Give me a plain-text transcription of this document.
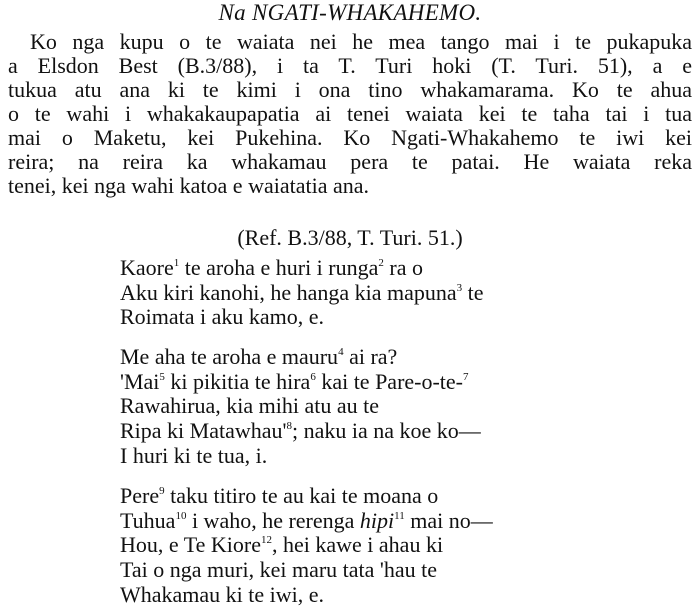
Na NGATI-WHAKAHEMO.
Ko nga kupu o te waiata nei he mea tango mai i te pukapuka
a Elsdon Best (B.3/88), i ta T. Turi hoki (T. Turi. 51), a e
tukua atu ana ki te kimi i ona tino whakamarama. Ko te ahua
o te wahi i whakakaupapatia ai tenei waiata kei te taha tai i tua
mai o Maketu, kei Pukehina. Ko Ngati-Whakahemo te iwi kei
reira; na reira ka whakamau pera te patai. He waiata reka
tenei, kei nga wahi katoa e waiatatia ana.
(Ref. B.3/88, T. Turi. 51.)
Kaore$^1$ te aroha e huri i runga$^2$ ra o
Aku kiri kanohi, he hanga kia mapuna$^3$ te
Roimata i aku kamo, e.
Me aha te aroha e mauru$^4$ ai ra?
'Mai$^5$ ki pikitia te hira$^6$ kai te Pare-o-te-$^7$
Rawahirua, kia mihi atu au te
Ripa ki $Matawhau'^8$; naku ia na koe ko—
I huri ki te tua, i.
Pere$^9$ taku titiro te au kai te moana o
Tuhua$^{10}$ i waho, he rerenga hipi$^{11}$ mai no—
Hou, e Te Kiore$^{12}$, hei kawe i ahau ki
Tai o nga muri, kei maru tata 'hau te
Whakamau ki te iwi, e.
